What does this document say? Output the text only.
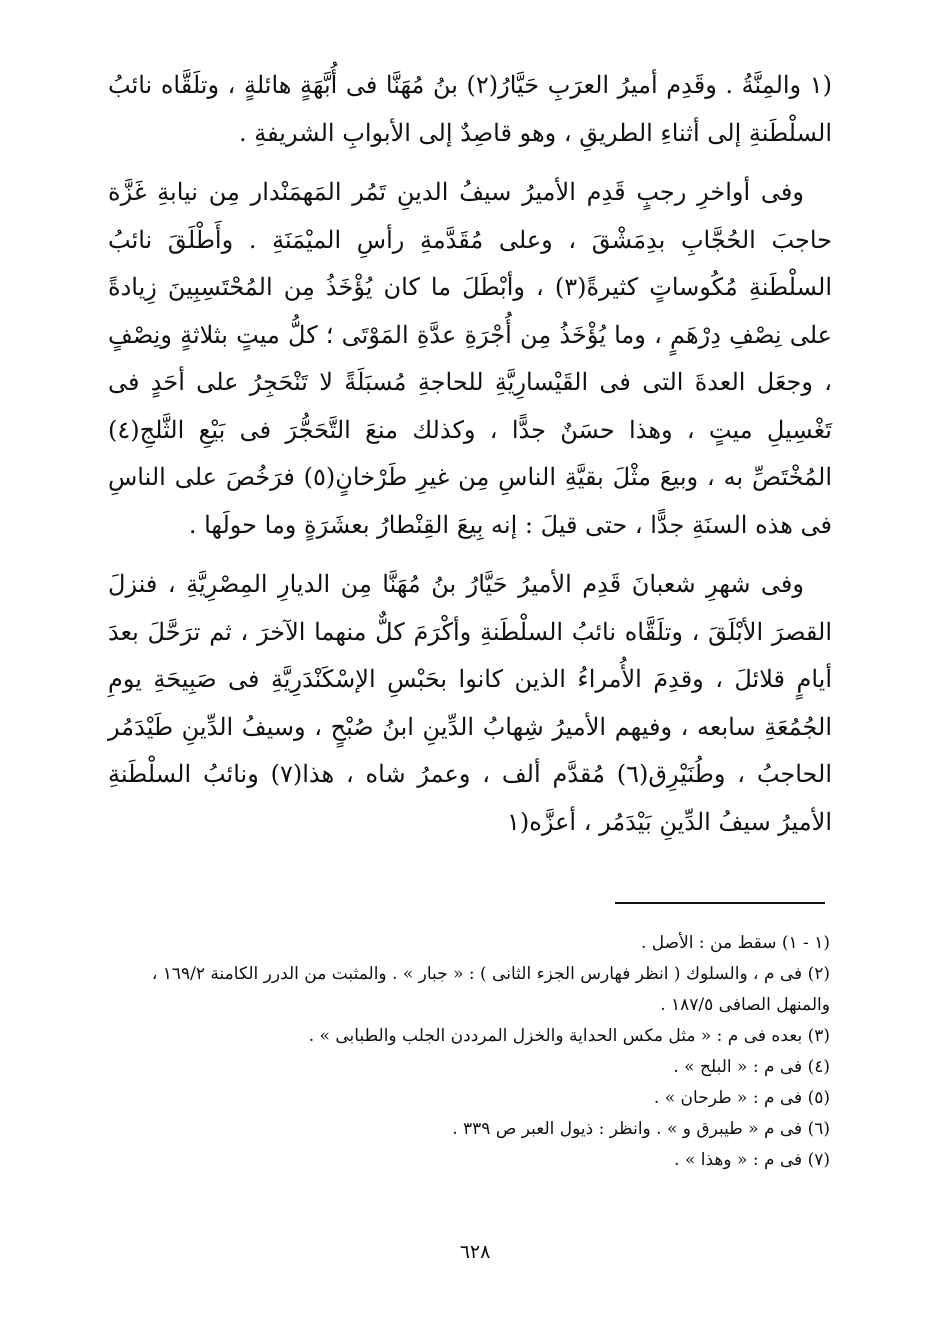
(١ والمِنَّةُ . وقَدِم أميرُ العرَبِ حَيَّارُ(٢) بنُ مُهَنَّا فى أُبَّهَةٍ هائلةٍ ، وتلَقَّاه نائبُ السلْطَنةِ إلى أثناءِ الطريقِ ، وهو قاصِدٌ إلى الأبوابِ الشريفةِ .

وفى أواخرِ رجبٍ قَدِم الأميرُ سيفُ الدينِ تَمُر المَهمَنْدار مِن نيابةِ غَزَّة حاجبَ الحُجَّابِ بدِمَشْقَ ، وعلى مُقَدَّمةِ رأسِ الميْمَنَةِ . وأَطْلَقَ نائبُ السلْطَنةِ مُكُوساتٍ كثيرةً(٣) ، وأبْطَلَ ما كان يُؤْخَذُ مِن المُحْتَسِبِينَ زِيادةً على نِصْفِ دِرْهَمٍ ، وما يُؤْخَذُ مِن أُجْرَةِ عدَّةِ المَوْتَى ؛ كلُّ ميتٍ بثلاثةٍ ونِصْفٍ ، وجعَل العدةَ التى فى القَيْسارِيَّةِ للحاجةِ مُسبَلَةً لا تَنْحَجِرُ على أحَدٍ فى تَغْسِيلِ ميتٍ ، وهذا حسَنٌ جدًّا ، وكذلك منعَ التَّحَجُّرَ فى بَيْعِ الثَّلجِ(٤) المُخْتَصِّ به ، وبيعَ مثْلَ بقيَّةِ الناسِ مِن غيرِ طَرْخانٍ(٥) فرَخُصَ على الناسِ فى هذه السنَةِ جدًّا ، حتى قيلَ : إنه بِيعَ القِنْطارُ بعشَرَةٍ وما حولَها .

وفى شهرِ شعبانَ قَدِم الأميرُ حَيَّارُ بنُ مُهَنَّا مِن الديارِ المِصْرِيَّةِ ، فنزلَ القصرَ الأبْلَقَ ، وتلَقَّاه نائبُ السلْطَنةِ وأكْرَمَ كلٌّ منهما الآخرَ ، ثم ترَحَّلَ بعدَ أيامٍ قلائلَ ، وقدِمَ الأُمراءُ الذين كانوا بحَبْسِ الإسْكَنْدَرِيَّةِ فى صَبِيحَةِ يومِ الجُمُعَةِ سابعه ، وفيهم الأميرُ شِهابُ الدِّينِ ابنُ صُبْحٍ ، وسيفُ الدِّينِ طَيْدَمُر الحاجبُ ، وطُنَيْرِق(٦) مُقدَّم ألف ، وعمرُ شاه ، هذا(٧) ونائبُ السلْطَنةِ الأميرُ سيفُ الدِّينِ بَيْدَمُر ، أعزَّه(١

(١ - ١) سقط من : الأصل .

(٢) فى م ، والسلوك ( انظر فهارس الجزء الثانى ) : « جبار » . والمثبت من الدرر الكامنة ١٦٩/٢ ، والمنهل الصافى ١٨٧/٥ .

(٣) بعده فى م : « مثل مكس الحداية والخزل المرددن الجلب والطبابى » .

(٤) فى م : « البلح » .

(٥) فى م : « طرحان » .

(٦) فى م « طيبرق و » . وانظر : ذيول العبر ص ٣٣٩ .

(٧) فى م : « وهذا » .

٦٢٨
